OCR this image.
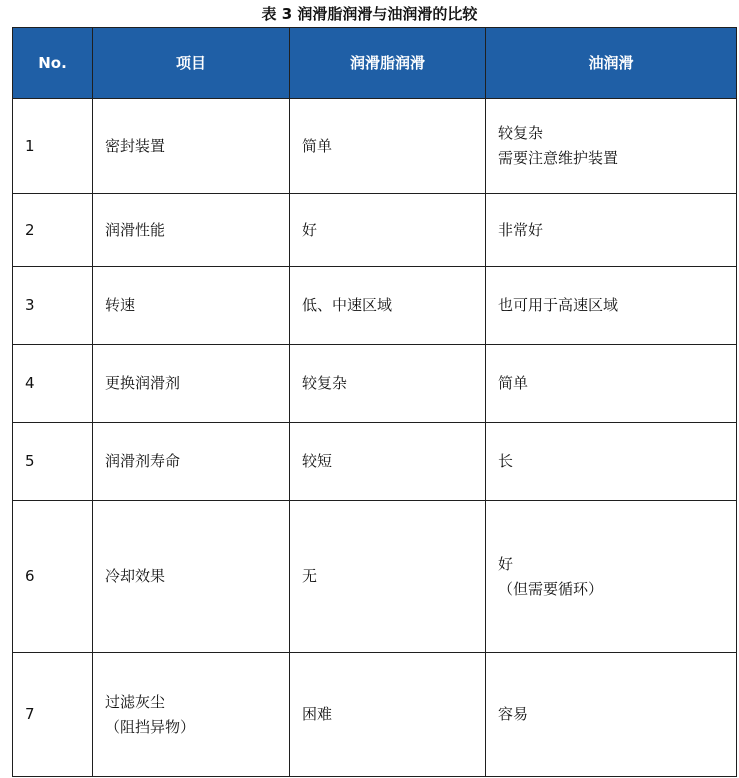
表 3 润滑脂润滑与油润滑的比较
No.	项目	润滑脂润滑	油润滑
1	密封装置	简单	较复杂
需要注意维护装置

2	润滑性能	好	非常好

3	转速	低、中速区域	也可用于高速区域

4	更换润滑剂	较复杂	简单

5	润滑剂寿命	较短	长

6	冷却效果	无	好
（但需要循环）

7	过滤灰尘
（阻挡异物）	困难	容易
